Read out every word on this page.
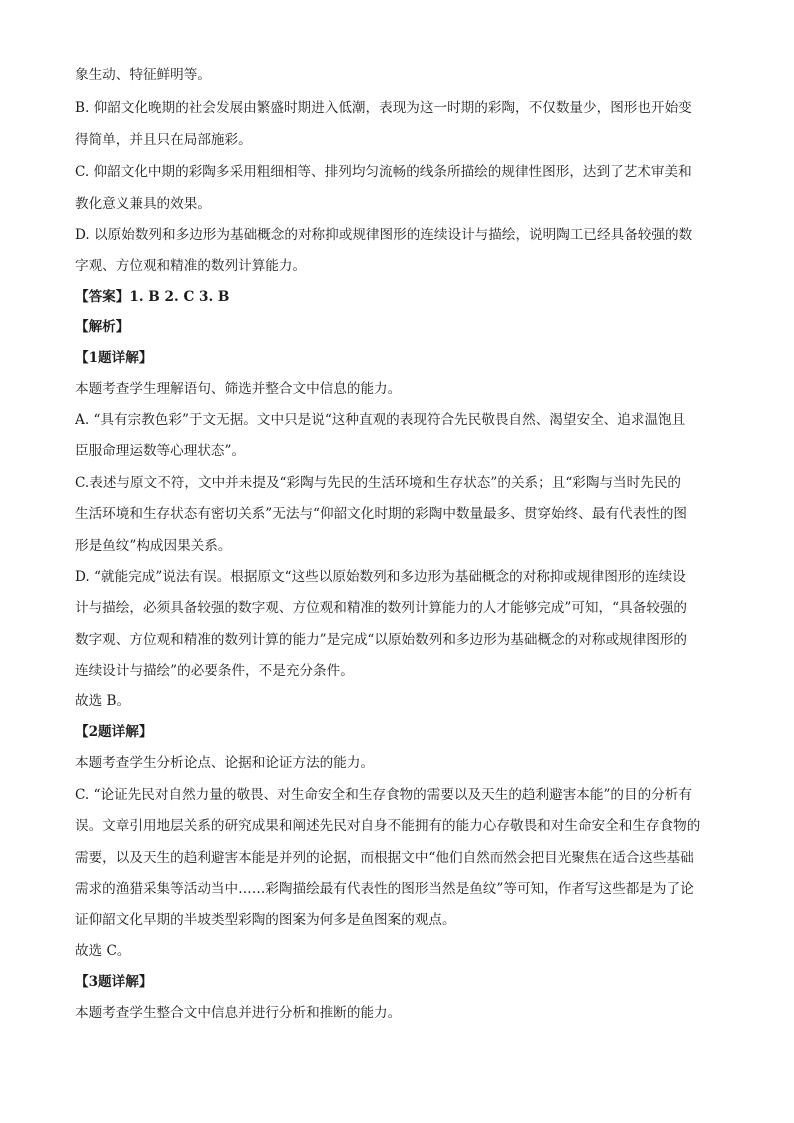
象生动、特征鲜明等。
B. 仰韶文化晚期的社会发展由繁盛时期进入低潮，表现为这一时期的彩陶，不仅数量少，图形也开始变
得简单，并且只在局部施彩。
C. 仰韶文化中期的彩陶多采用粗细相等、排列均匀流畅的线条所描绘的规律性图形，达到了艺术审美和
教化意义兼具的效果。
D. 以原始数列和多边形为基础概念的对称抑或规律图形的连续设计与描绘，说明陶工已经具备较强的数
字观、方位观和精准的数列计算能力。
【答案】1. B 2. C 3. B
【解析】
【1题详解】
本题考查学生理解语句、筛选并整合文中信息的能力。
A. “具有宗教色彩”于文无据。文中只是说“这种直观的表现符合先民敬畏自然、渴望安全、追求温饱且
臣服命理运数等心理状态”。
C.表述与原文不符，文中并未提及“彩陶与先民的生活环境和生存状态”的关系；且“彩陶与当时先民的
生活环境和生存状态有密切关系”无法与“仰韶文化时期的彩陶中数量最多、贯穿始终、最有代表性的图
形是鱼纹”构成因果关系。
D. “就能完成”说法有误。根据原文“这些以原始数列和多边形为基础概念的对称抑或规律图形的连续设
计与描绘，必须具备较强的数字观、方位观和精准的数列计算能力的人才能够完成”可知，“具备较强的
数字观、方位观和精准的数列计算的能力”是完成“以原始数列和多边形为基础概念的对称或规律图形的
连续设计与描绘”的必要条件，不是充分条件。
故选 B。
【2题详解】
本题考查学生分析论点、论据和论证方法的能力。
C. “论证先民对自然力量的敬畏、对生命安全和生存食物的需要以及天生的趋利避害本能”的目的分析有
误。文章引用地层关系的研究成果和阐述先民对自身不能拥有的能力心存敬畏和对生命安全和生存食物的
需要，以及天生的趋利避害本能是并列的论据，而根据文中“他们自然而然会把目光聚焦在适合这些基础
需求的渔猎采集等活动当中……彩陶描绘最有代表性的图形当然是鱼纹”等可知，作者写这些都是为了论
证仰韶文化早期的半坡类型彩陶的图案为何多是鱼图案的观点。
故选 C。
【3题详解】
本题考查学生整合文中信息并进行分析和推断的能力。
